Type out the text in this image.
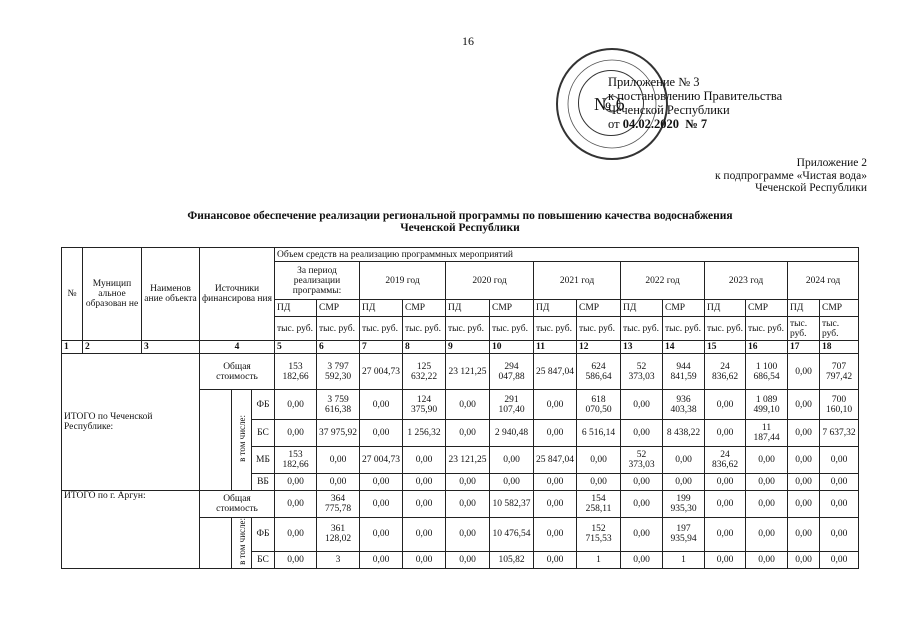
16
Приложение № 3
к постановлению Правительства
Чеченской Республики
от 04.02.2020 № 7
№ 6
Приложение 2
к подпрограмме «Чистая вода»
Чеченской Республики
Финансовое обеспечение реализации региональной программы по повышению качества водоснабжения
Чеченской Республики
№	Муницип альное образован не	Наименов ание объекта	Источники финансирова ния			Объем средств на реализацию программных мероприятий													
						За период реализации программы:		2019 год		2020 год		2021 год		2022 год		2023 год		2024 год	
						ПД	СМР	ПД	СМР	ПД	СМР	ПД	СМР	ПД	СМР	ПД	СМР	ПД	СМР
						тыс. руб.	тыс. руб.	тыс. руб.	тыс. руб.	тыс. руб.	тыс. руб.	тыс. руб.	тыс. руб.	тыс. руб.	тыс. руб.	тыс. руб.	тыс. руб.	тыс. руб.	тыс. руб.
1	2	3	4			5	6	7	8	9	10	11	12	13	14	15	16	17	18
ИТОГО по Чеченской Республике:			Общая стоимость			153 182,66	3 797 592,30	27 004,73	125 632,22	23 121,25	294 047,88	25 847,04	624 586,64	52 373,03	944 841,59	24 836,62	1 100 686,54	0,00	707 797,42
				в том числе:	ФБ	0,00	3 759 616,38	0,00	124 375,90	0,00	291 107,40	0,00	618 070,50	0,00	936 403,38	0,00	1 089 499,10	0,00	700 160,10
					БС	0,00	37 975,92	0,00	1 256,32	0,00	2 940,48	0,00	6 516,14	0,00	8 438,22	0,00	11 187,44	0,00	7 637,32
					МБ	153 182,66	0,00	27 004,73	0,00	23 121,25	0,00	25 847,04	0,00	52 373,03	0,00	24 836,62	0,00	0,00	0,00
					ВБ	0,00	0,00	0,00	0,00	0,00	0,00	0,00	0,00	0,00	0,00	0,00	0,00	0,00	0,00
ИТОГО по г. Аргун:			Общая стоимость			0,00	364 775,78	0,00	0,00	0,00	10 582,37	0,00	154 258,11	0,00	199 935,30	0,00	0,00	0,00	0,00
				в том числе:	ФБ	0,00	361 128,02	0,00	0,00	0,00	10 476,54	0,00	152 715,53	0,00	197 935,94	0,00	0,00	0,00	0,00
					БС	0,00	3	0,00	0,00	0,00	105,82	0,00	1	0,00	1	0,00	0,00	0,00	0,00
